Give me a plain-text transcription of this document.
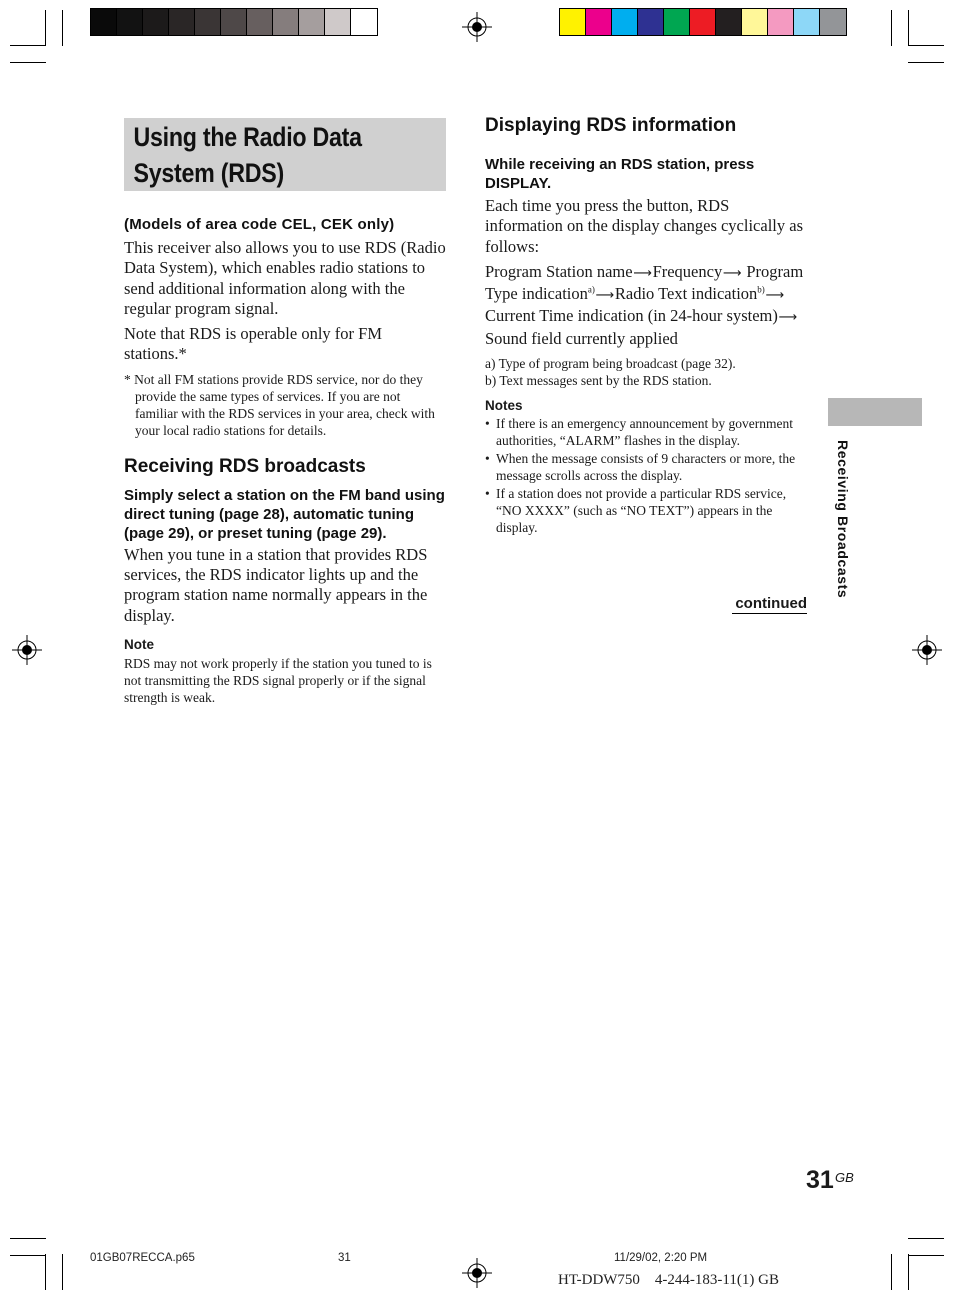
Using the Radio Data System (RDS)

(Models of area code CEL, CEK only)

This receiver also allows you to use RDS (Radio Data System), which enables radio stations to send additional information along with the regular program signal.

Note that RDS is operable only for FM stations.*

* Not all FM stations provide RDS service, nor do they provide the same types of services. If you are not familiar with the RDS services in your area, check with your local radio stations for details.

Receiving RDS broadcasts

Simply select a station on the FM band using direct tuning (page 28), automatic tuning (page 29), or preset tuning (page 29).

When you tune in a station that provides RDS services, the RDS indicator lights up and the program station name normally appears in the display.

Note

RDS may not work properly if the station you tuned to is not transmitting the RDS signal properly or if the signal strength is weak.

Displaying RDS information

While receiving an RDS station, press DISPLAY.

Each time you press the button, RDS information on the display changes cyclically as follows:

Program Station name⟶Frequency⟶ Program Type indication$^{a)}$⟶Radio Text indication$^{b)}$⟶Current Time indication (in 24-hour system)⟶Sound field currently applied

a) Type of program being broadcast (page 32).

b) Text messages sent by the RDS station.

Notes

• If there is an emergency announcement by government authorities, “ALARM” flashes in the display.
• When the message consists of 9 characters or more, the message scrolls across the display.
• If a station does not provide a particular RDS service, “NO XXXX” (such as “NO TEXT”) appears in the display.
continued
Receiving Broadcasts
31 GB
01GB07RECCA.p65	31	11/29/02, 2:20 PM
HT-DDW750    4-244-183-11(1) GB
